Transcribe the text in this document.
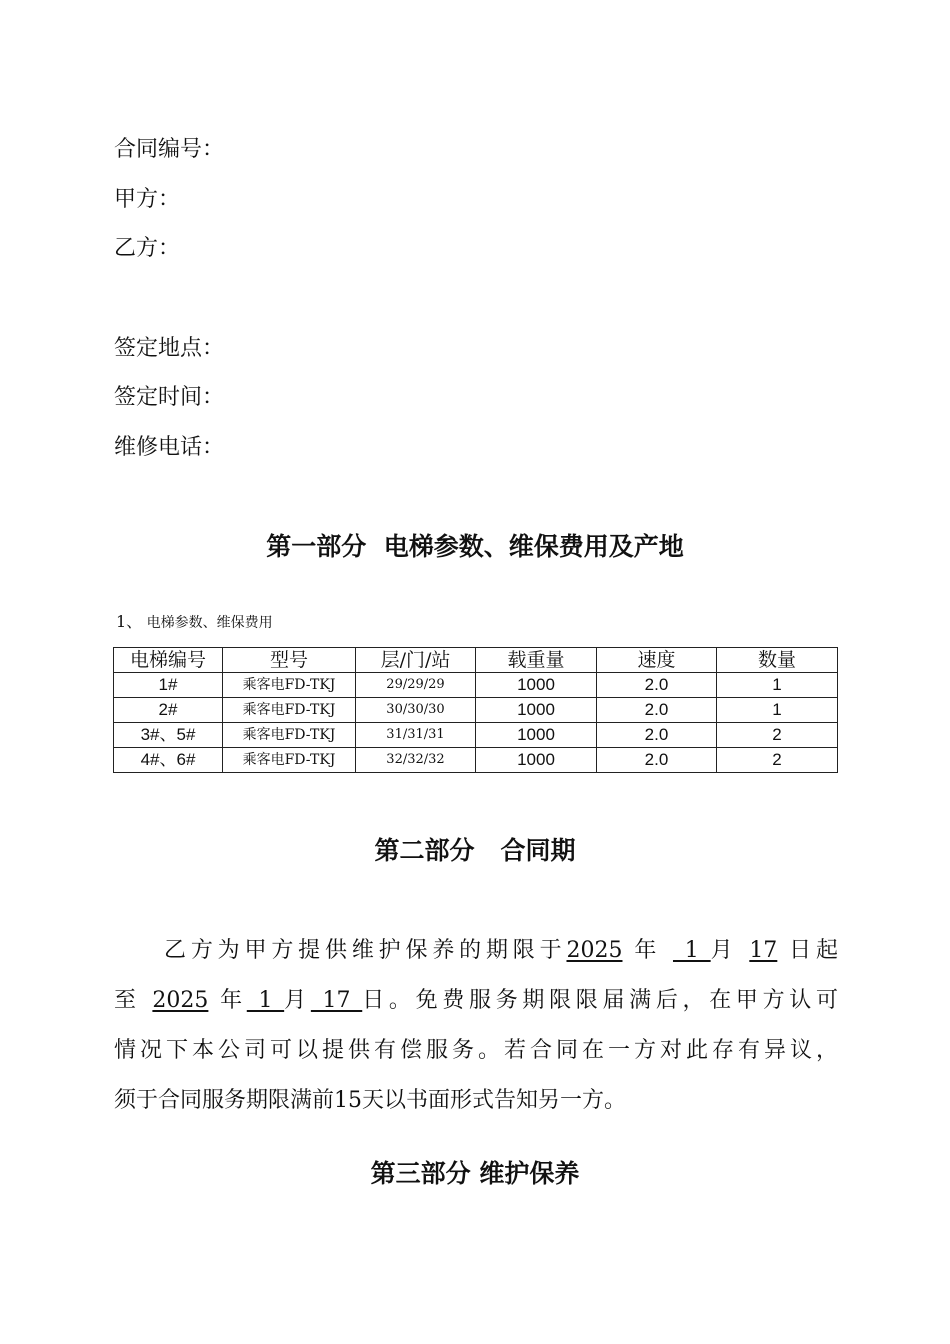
合同编号：
甲方：
乙方：
签定地点：
签定时间：
维修电话：
第一部分  电梯参数、维保费用及产地
1、 电梯参数、维保费用
电梯编号	型号	层/门/站	载重量	速度	数量
1#	乘客电FD-TKJ	29/29/29	1000	2.0	1
2#	乘客电FD-TKJ	30/30/30	1000	2.0	1
3#、5#	乘客电FD-TKJ	31/31/31	1000	2.0	2
4#、6#	乘客电FD-TKJ	32/32/32	1000	2.0	2
第二部分   合同期
乙方为甲方提供维护保养的期限于2025 年  1 月 17 日起
至 2025 年 1 月 17 日。免费服务期限限届满后，在甲方认可
情况下本公司可以提供有偿服务。若合同在一方对此存有异议，
须于合同服务期限满前15天以书面形式告知另一方。
第三部分 维护保养
